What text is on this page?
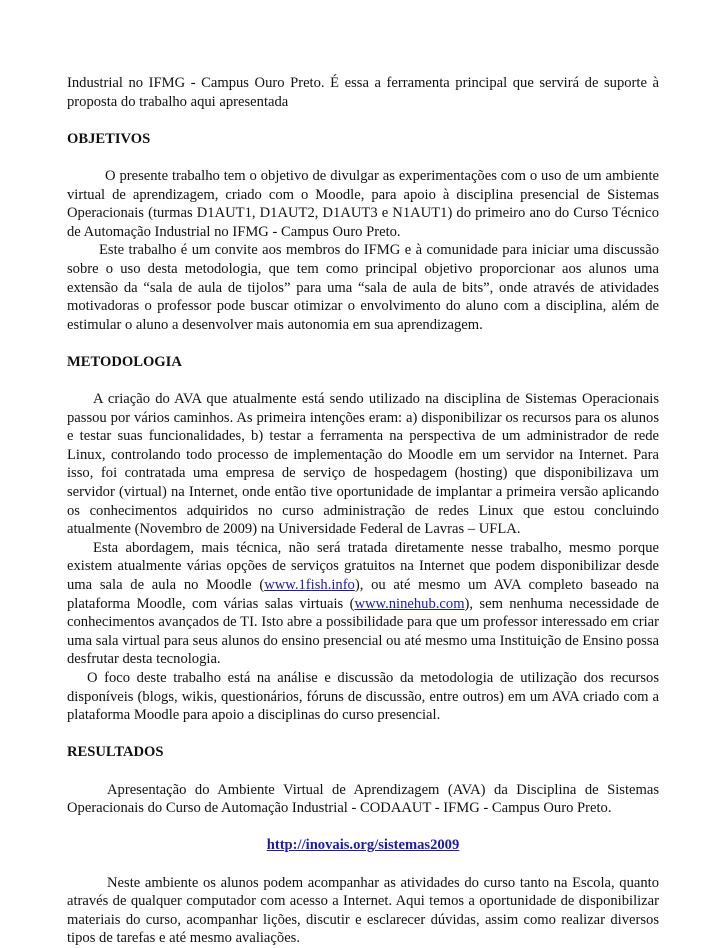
Industrial no IFMG - Campus Ouro Preto. É essa a ferramenta principal que servirá de suporte à proposta do trabalho aqui apresentada

OBJETIVOS

O presente trabalho tem o objetivo de divulgar as experimentações com o uso de um ambiente virtual de aprendizagem, criado com o Moodle, para apoio à disciplina presencial de Sistemas Operacionais (turmas D1AUT1, D1AUT2, D1AUT3 e N1AUT1) do primeiro ano do Curso Técnico de Automação Industrial no IFMG - Campus Ouro Preto.

Este trabalho é um convite aos membros do IFMG e à comunidade para iniciar uma discussão sobre o uso desta metodologia, que tem como principal objetivo proporcionar aos alunos uma extensão da “sala de aula de tijolos” para uma “sala de aula de bits”, onde através de atividades motivadoras o professor pode buscar otimizar o envolvimento do aluno com a disciplina, além de estimular o aluno a desenvolver mais autonomia em sua aprendizagem.

METODOLOGIA

A criação do AVA que atualmente está sendo utilizado na disciplina de Sistemas Operacionais passou por vários caminhos. As primeira intenções eram: a) disponibilizar os recursos para os alunos e testar suas funcionalidades, b) testar a ferramenta na perspectiva de um administrador de rede Linux, controlando todo processo de implementação do Moodle em um servidor na Internet. Para isso, foi contratada uma empresa de serviço de hospedagem (hosting) que disponibilizava um servidor (virtual) na Internet, onde então tive oportunidade de implantar a primeira versão aplicando os conhecimentos adquiridos no curso administração de redes Linux que estou concluindo atualmente (Novembro de 2009) na Universidade Federal de Lavras – UFLA.

Esta abordagem, mais técnica, não será tratada diretamente nesse trabalho, mesmo porque existem atualmente várias opções de serviços gratuitos na Internet que podem disponibilizar desde uma sala de aula no Moodle (www.1fish.info), ou até mesmo um AVA completo baseado na plataforma Moodle, com várias salas virtuais (www.ninehub.com), sem nenhuma necessidade de conhecimentos avançados de TI. Isto abre a possibilidade para que um professor interessado em criar uma sala virtual para seus alunos do ensino presencial ou até mesmo uma Instituição de Ensino possa desfrutar desta tecnologia.

O foco deste trabalho está na análise e discussão da metodologia de utilização dos recursos disponíveis (blogs, wikis, questionários, fóruns de discussão, entre outros) em um AVA criado com a plataforma Moodle para apoio a disciplinas do curso presencial.

RESULTADOS

Apresentação do Ambiente Virtual de Aprendizagem (AVA) da Disciplina de Sistemas Operacionais do Curso de Automação Industrial - CODAAUT - IFMG - Campus Ouro Preto.

http://inovais.org/sistemas2009

Neste ambiente os alunos podem acompanhar as atividades do curso tanto na Escola, quanto através de qualquer computador com acesso a Internet. Aqui temos a oportunidade de disponibilizar materiais do curso, acompanhar lições, discutir e esclarecer dúvidas, assim como realizar diversos tipos de tarefas e até mesmo avaliações.
